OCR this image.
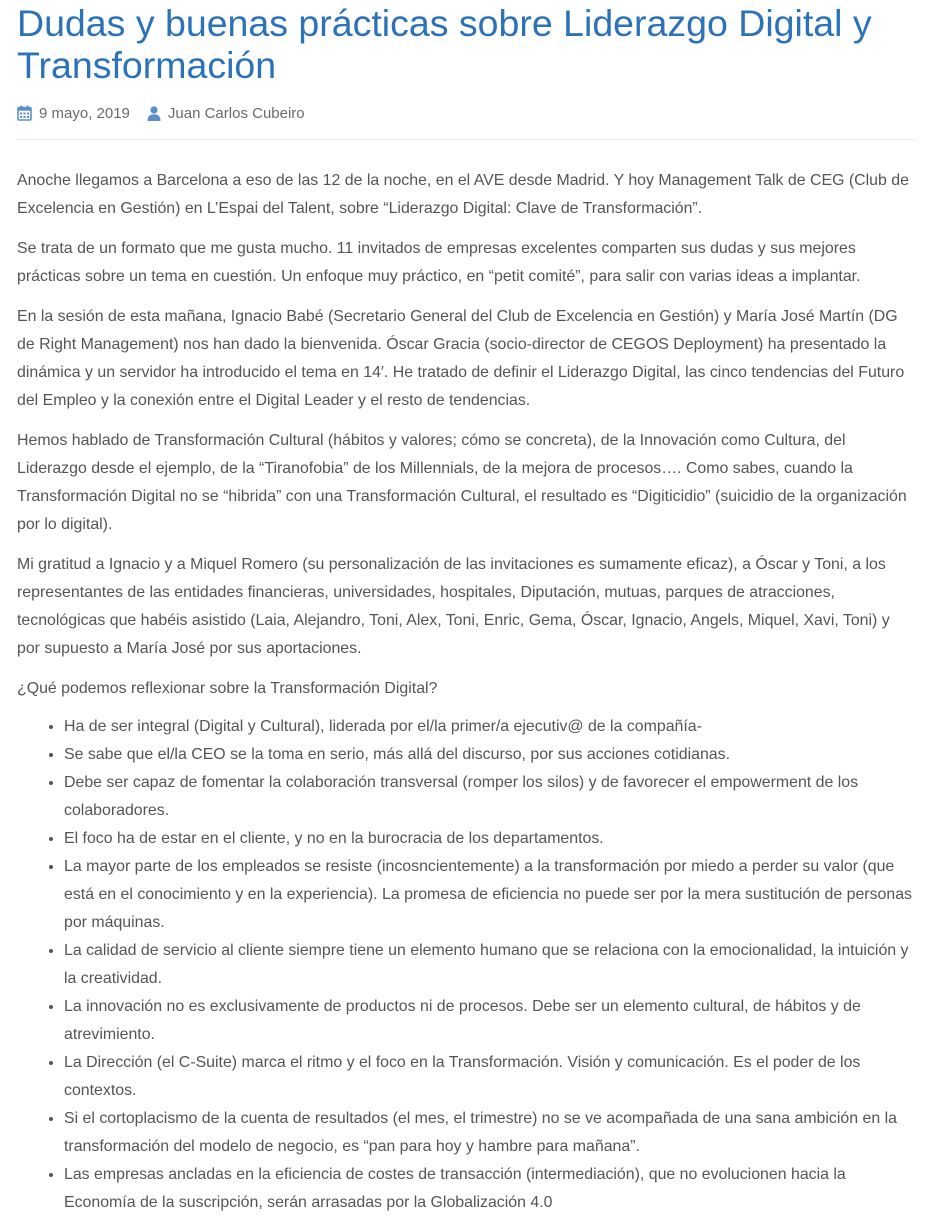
Dudas y buenas prácticas sobre Liderazgo Digital y Transformación
9 mayo, 2019	Juan Carlos Cubeiro

Anoche llegamos a Barcelona a eso de las 12 de la noche, en el AVE desde Madrid. Y hoy Management Talk de CEG (Club de Excelencia en Gestión) en L’Espai del Talent, sobre “Liderazgo Digital: Clave de Transformación”.

Se trata de un formato que me gusta mucho. 11 invitados de empresas excelentes comparten sus dudas y sus mejores prácticas sobre un tema en cuestión. Un enfoque muy práctico, en “petit comité”, para salir con varias ideas a implantar.

En la sesión de esta mañana, Ignacio Babé (Secretario General del Club de Excelencia en Gestión) y María José Martín (DG de Right Management) nos han dado la bienvenida. Óscar Gracia (socio-director de CEGOS Deployment) ha presentado la dinámica y un servidor ha introducido el tema en 14′. He tratado de definir el Liderazgo Digital, las cinco tendencias del Futuro del Empleo y la conexión entre el Digital Leader y el resto de tendencias.

Hemos hablado de Transformación Cultural (hábitos y valores; cómo se concreta), de la Innovación como Cultura, del Liderazgo desde el ejemplo, de la “Tiranofobia” de los Millennials, de la mejora de procesos…. Como sabes, cuando la Transformación Digital no se “hibrida” con una Transformación Cultural, el resultado es “Digiticidio” (suicidio de la organización por lo digital).

Mi gratitud a Ignacio y a Miquel Romero (su personalización de las invitaciones es sumamente eficaz), a Óscar y Toni, a los representantes de las entidades financieras, universidades, hospitales, Diputación, mutuas, parques de atracciones, tecnológicas que habéis asistido (Laia, Alejandro, Toni, Alex, Toni, Enric, Gema, Óscar, Ignacio, Angels, Miquel, Xavi, Toni) y por supuesto a María José por sus aportaciones.

¿Qué podemos reflexionar sobre la Transformación Digital?

• Ha de ser integral (Digital y Cultural), liderada por el/la primer/a ejecutiv@ de la compañía-
• Se sabe que el/la CEO se la toma en serio, más allá del discurso, por sus acciones cotidianas.
• Debe ser capaz de fomentar la colaboración transversal (romper los silos) y de favorecer el empowerment de los colaboradores.
• El foco ha de estar en el cliente, y no en la burocracia de los departamentos.
• La mayor parte de los empleados se resiste (incosncientemente) a la transformación por miedo a perder su valor (que está en el conocimiento y en la experiencia). La promesa de eficiencia no puede ser por la mera sustitución de personas por máquinas.
• La calidad de servicio al cliente siempre tiene un elemento humano que se relaciona con la emocionalidad, la intuición y la creatividad.
• La innovación no es exclusivamente de productos ni de procesos. Debe ser un elemento cultural, de hábitos y de atrevimiento.
• La Dirección (el C-Suite) marca el ritmo y el foco en la Transformación. Visión y comunicación. Es el poder de los contextos.
• Si el cortoplacismo de la cuenta de resultados (el mes, el trimestre) no se ve acompañada de una sana ambición en la transformación del modelo de negocio, es “pan para hoy y hambre para mañana”.
• Las empresas ancladas en la eficiencia de costes de transacción (intermediación), que no evolucionen hacia la Economía de la suscripción, serán arrasadas por la Globalización 4.0
